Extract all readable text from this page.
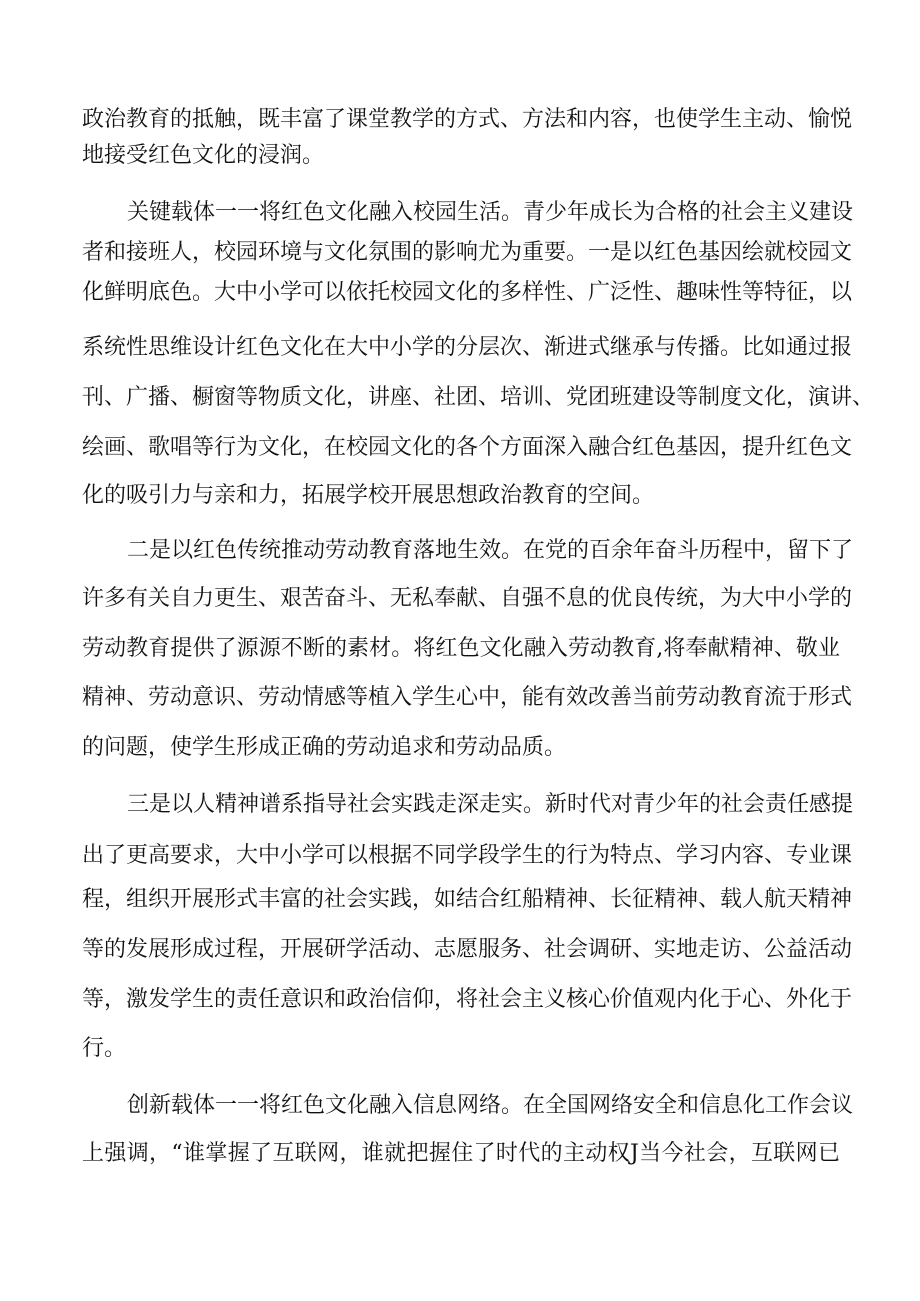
政治教育的抵触，既丰富了课堂教学的方式、方法和内容，也使学生主动、愉悦
地接受红色文化的浸润。
关键载体一一将红色文化融入校园生活。青少年成长为合格的社会主义建设
者和接班人，校园环境与文化氛围的影响尤为重要。一是以红色基因绘就校园文
化鲜明底色。大中小学可以依托校园文化的多样性、广泛性、趣味性等特征，以
系统性思维设计红色文化在大中小学的分层次、渐进式继承与传播。比如通过报
刊、广播、橱窗等物质文化，讲座、社团、培训、党团班建设等制度文化，演讲、
绘画、歌唱等行为文化，在校园文化的各个方面深入融合红色基因，提升红色文
化的吸引力与亲和力，拓展学校开展思想政治教育的空间。
二是以红色传统推动劳动教育落地生效。在党的百余年奋斗历程中，留下了
许多有关自力更生、艰苦奋斗、无私奉献、自强不息的优良传统，为大中小学的
劳动教育提供了源源不断的素材。将红色文化融入劳动教育,将奉献精神、敬业
精神、劳动意识、劳动情感等植入学生心中，能有效改善当前劳动教育流于形式
的问题，使学生形成正确的劳动追求和劳动品质。
三是以人精神谱系指导社会实践走深走实。新时代对青少年的社会责任感提
出了更高要求，大中小学可以根据不同学段学生的行为特点、学习内容、专业课
程，组织开展形式丰富的社会实践，如结合红船精神、长征精神、载人航天精神
等的发展形成过程，开展研学活动、志愿服务、社会调研、实地走访、公益活动
等，激发学生的责任意识和政治信仰，将社会主义核心价值观内化于心、外化于
行。
创新载体一一将红色文化融入信息网络。在全国网络安全和信息化工作会议
上强调，“谁掌握了互联网，谁就把握住了时代的主动权J当今社会，互联网已
